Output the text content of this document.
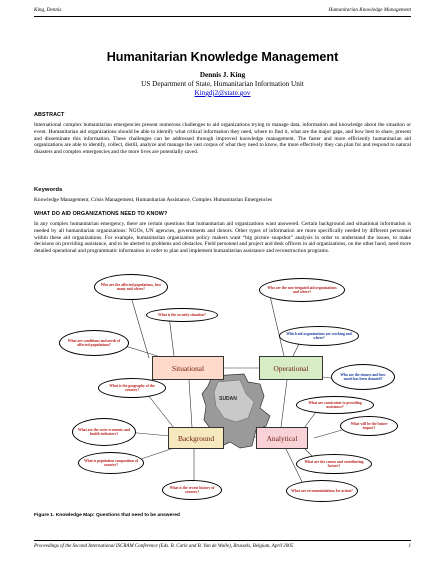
King, Dennis	Humanitarian Knowledge Management
Humanitarian Knowledge Management
Dennis J. King
US Department of State, Humanitarian Information Unit
Kingdj2@state.gov
ABSTRACT

International complex humanitarian emergencies present numerous challenges to aid organizations trying to manage data, information and knowledge about the situation or event. Humanitarian aid organizations should be able to identify what critical information they need, where to find it, what are the major gaps, and how best to share, present and disseminate this information. These challenges can be addressed through improved knowledge management. The faster and more efficiently humanitarian aid organizations are able to identify, collect, distill, analyze and manage the vast corpus of what they need to know, the more effectively they can plan for and respond to natural disasters and complex emergencies and the more lives are potentially saved.

Keywords

Knowledge Management, Crisis Management, Humanitarian Assistance, Complex Humanitarian Emergencies

WHAT DO AID ORGANIZATIONS NEED TO KNOW?

In any complex humanitarian emergency, there are certain questions that humanitarian aid organizations want answered. Certain background and situational information is needed by all humanitarian organizations: NGOs, UN agencies, governments and donors. Other types of information are more specifically needed by different personnel within these aid organizations. For example, humanitarian organization policy makers want “big picture snapshot” analysis in order to understand the issues, to make decisions on providing assistance, and to be alerted to problems and obstacles. Field personnel and project and desk officers in aid organizations, on the other hand, need more detailed operational and programmatic information in order to plan and implement humanitarian assistance and reconstruction programs.

SUDAN
Situational	Operational
Background	Analytical
Who are the affected populations, how many and where?
What is the security situation?
What are conditions and needs of affected populations?
What is the geography of the country?
What are the socio-economic and health indicators?
What is population composition of country?
What is the recent history of country?
Who are the non-irrigated aid organizations and where?
Which aid organizations are working and where?
Who are the donors and how much has been donated?
What are constraints to providing assistance?
What will be the future impact?
What are the causes and contributing factors?
What are recommendations for action?
Figure 1. Knowledge Map: Questions that need to be answered
Proceedings of the Second International ISCRAM Conference (Eds. B. Carle and B. Van de Walle), Brussels, Belgium, April 2005	1
